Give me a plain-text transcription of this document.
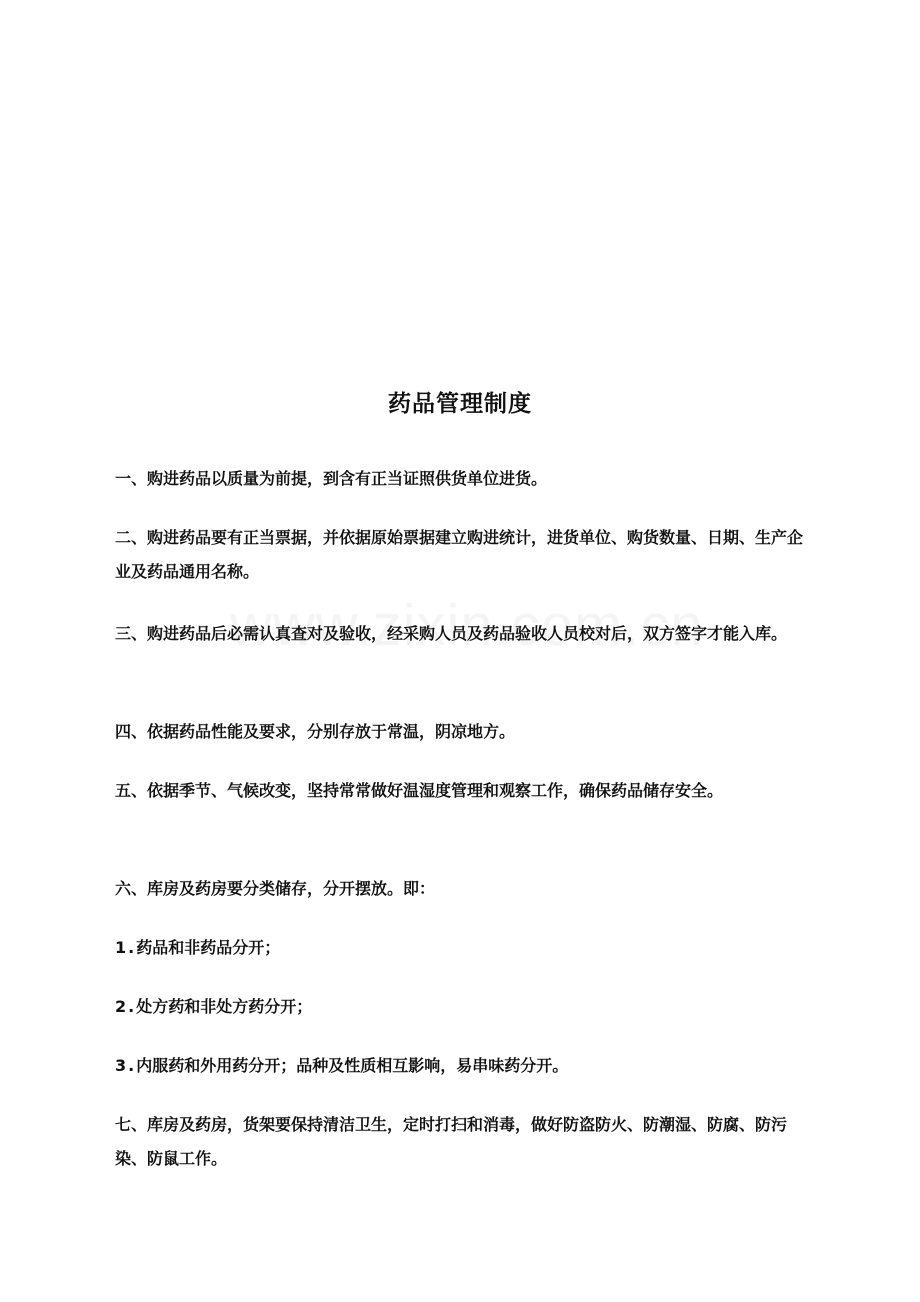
药品管理制度

一、购进药品以质量为前提，到含有正当证照供货单位进货。

二、购进药品要有正当票据，并依据原始票据建立购进统计，进货单位、购货数量、日期、生产企业及药品通用名称。

三、购进药品后必需认真查对及验收，经采购人员及药品验收人员校对后，双方签字才能入库。

四、依据药品性能及要求，分别存放于常温，阴凉地方。

五、依据季节、气候改变，坚持常常做好温湿度管理和观察工作，确保药品储存安全。

六、库房及药房要分类储存，分开摆放。即：

1.药品和非药品分开；

2.处方药和非处方药分开；

3.内服药和外用药分开；品种及性质相互影响，易串味药分开。

七、库房及药房，货架要保持清洁卫生，定时打扫和消毒，做好防盗防火、防潮湿、防腐、防污染、防鼠工作。
